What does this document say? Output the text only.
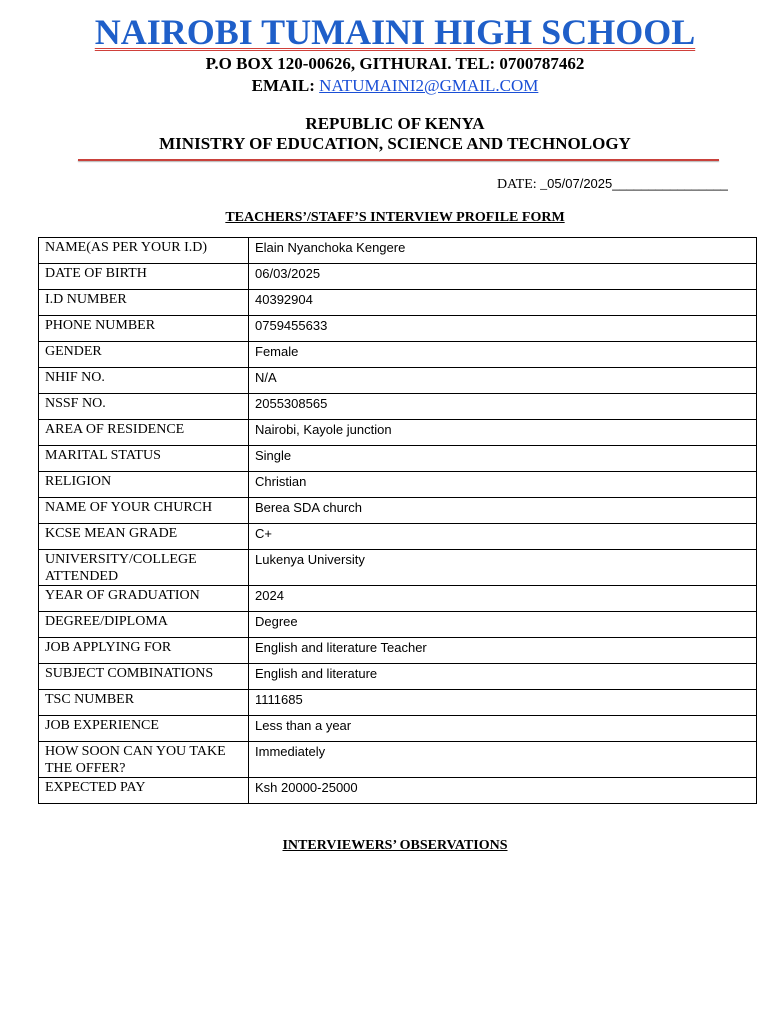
NAIROBI TUMAINI HIGH SCHOOL
P.O BOX 120-00626, GITHURAI. TEL: 0700787462
EMAIL: NATUMAINI2@GMAIL.COM
REPUBLIC OF KENYA
MINISTRY OF EDUCATION, SCIENCE AND TECHNOLOGY
DATE: _05/07/2025________________
TEACHERS’/STAFF’S INTERVIEW PROFILE FORM
NAME(AS PER YOUR I.D)	Elain Nyanchoka Kengere
DATE OF BIRTH	06/03/2025
I.D NUMBER	40392904
PHONE NUMBER	0759455633
GENDER	Female
NHIF NO.	N/A
NSSF NO.	2055308565
AREA OF RESIDENCE	Nairobi, Kayole junction
MARITAL STATUS	Single
RELIGION	Christian
NAME OF YOUR CHURCH	Berea SDA church
KCSE MEAN GRADE	C+
UNIVERSITY/COLLEGE ATTENDED	Lukenya University
YEAR OF GRADUATION	2024
DEGREE/DIPLOMA	Degree
JOB APPLYING FOR	English and literature Teacher
SUBJECT COMBINATIONS	English and literature
TSC NUMBER	1111685
JOB EXPERIENCE	Less than a year
HOW SOON CAN YOU TAKE THE OFFER?	Immediately
EXPECTED PAY	Ksh 20000-25000
INTERVIEWERS’ OBSERVATIONS
